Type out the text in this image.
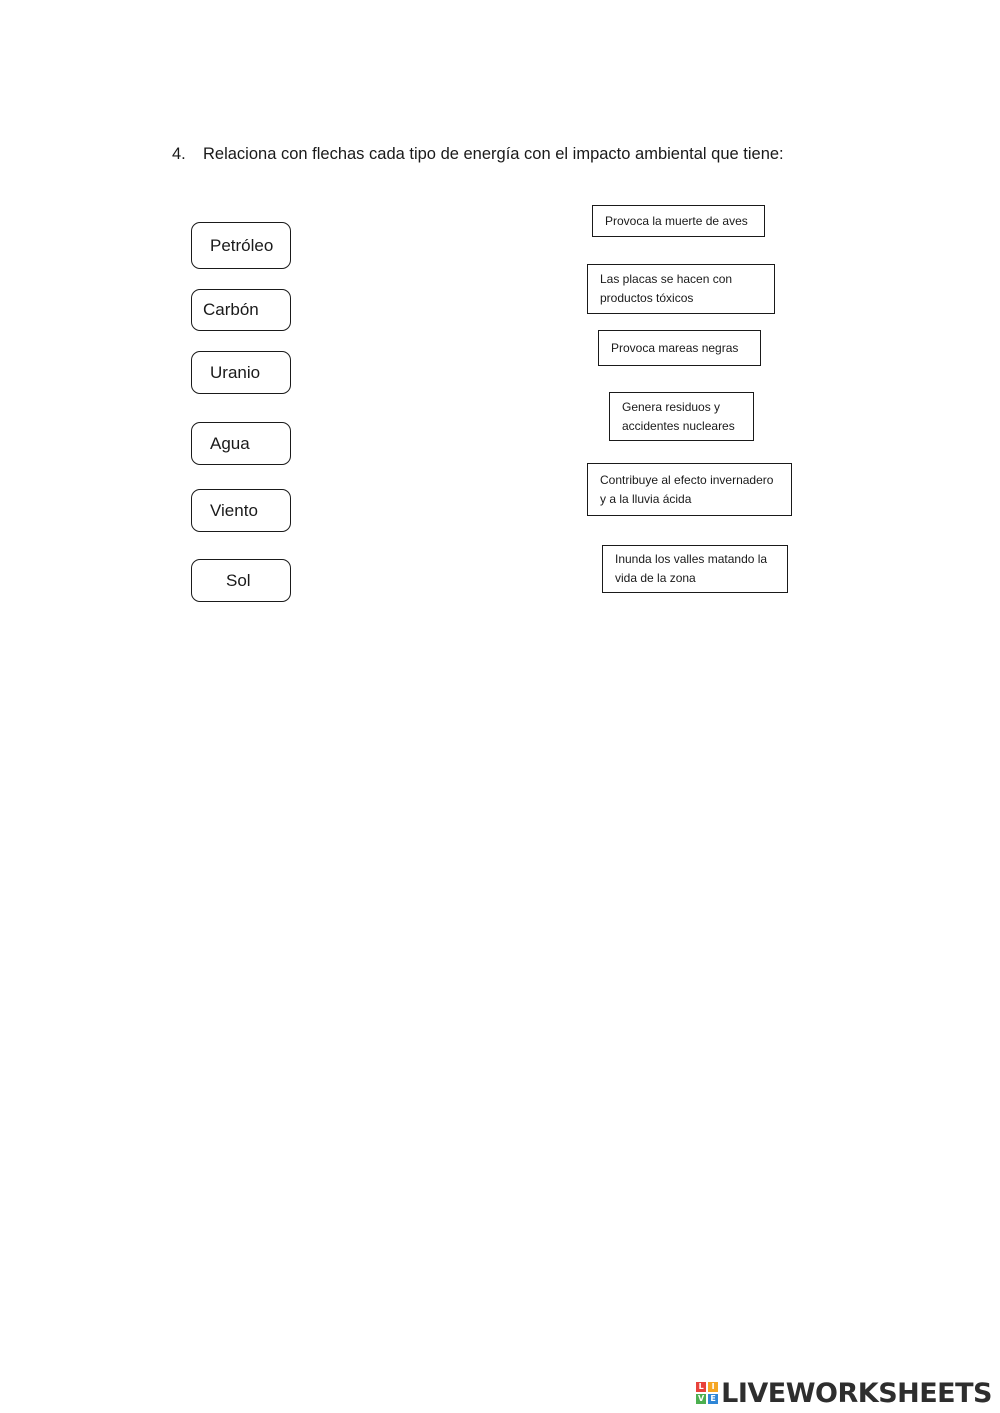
4. Relaciona con flechas cada tipo de energía con el impacto ambiental que tiene:
Petróleo
Carbón
Uranio
Agua
Viento
Sol
Provoca la muerte de aves
Las placas se hacen con productos tóxicos
Provoca mareas negras
Genera residuos y accidentes nucleares
Contribuye al efecto invernadero y a la lluvia ácida
Inunda los valles matando la vida de la zona
L I
V E LIVEWORKSHEETS
